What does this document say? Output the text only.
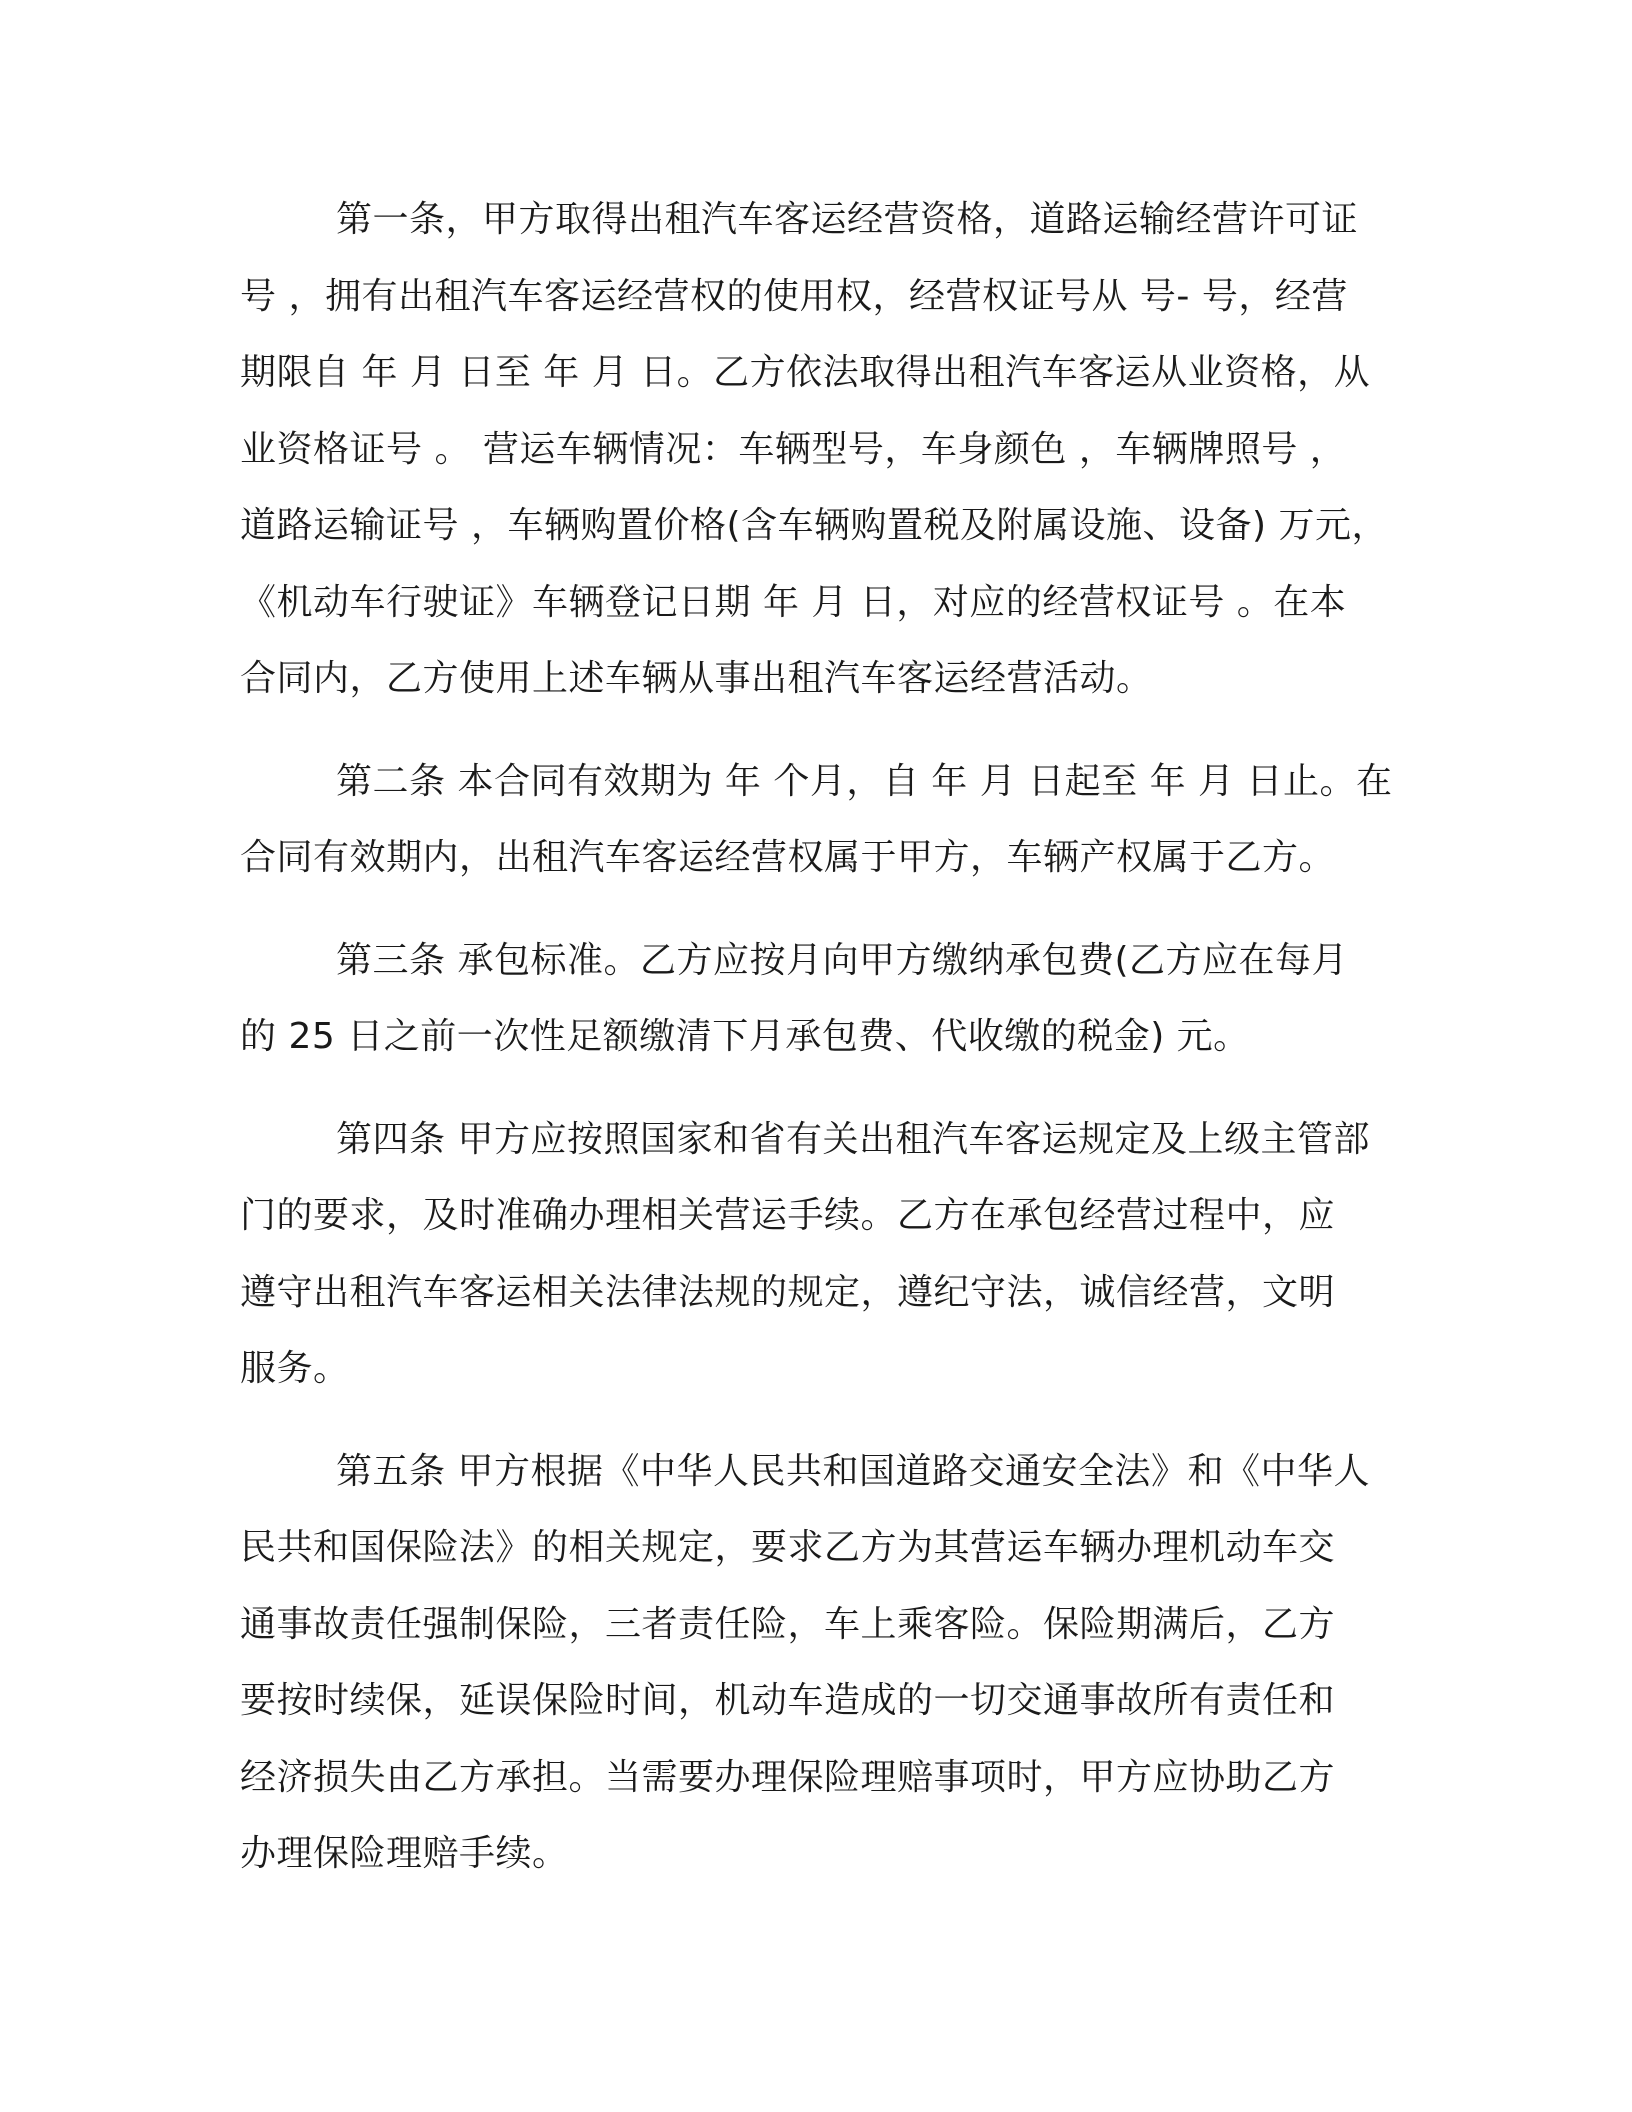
第一条，甲方取得出租汽车客运经营资格，道路运输经营许可证
号 ，拥有出租汽车客运经营权的使用权，经营权证号从 号- 号，经营
期限自 年 月 日至 年 月 日。乙方依法取得出租汽车客运从业资格，从
业资格证号 。 营运车辆情况：车辆型号，车身颜色 ，车辆牌照号 ，
道路运输证号 ，车辆购置价格(含车辆购置税及附属设施、设备) 万元，
《机动车行驶证》车辆登记日期 年 月 日，对应的经营权证号 。在本
合同内，乙方使用上述车辆从事出租汽车客运经营活动。
第二条 本合同有效期为 年 个月，自 年 月 日起至 年 月 日止。在
合同有效期内，出租汽车客运经营权属于甲方，车辆产权属于乙方。
第三条 承包标准。乙方应按月向甲方缴纳承包费(乙方应在每月
的 25 日之前一次性足额缴清下月承包费、代收缴的税金) 元。
第四条 甲方应按照国家和省有关出租汽车客运规定及上级主管部
门的要求，及时准确办理相关营运手续。乙方在承包经营过程中，应
遵守出租汽车客运相关法律法规的规定，遵纪守法，诚信经营，文明
服务。
第五条 甲方根据《中华人民共和国道路交通安全法》和《中华人
民共和国保险法》的相关规定，要求乙方为其营运车辆办理机动车交
通事故责任强制保险，三者责任险，车上乘客险。保险期满后，乙方
要按时续保，延误保险时间，机动车造成的一切交通事故所有责任和
经济损失由乙方承担。当需要办理保险理赔事项时，甲方应协助乙方
办理保险理赔手续。
